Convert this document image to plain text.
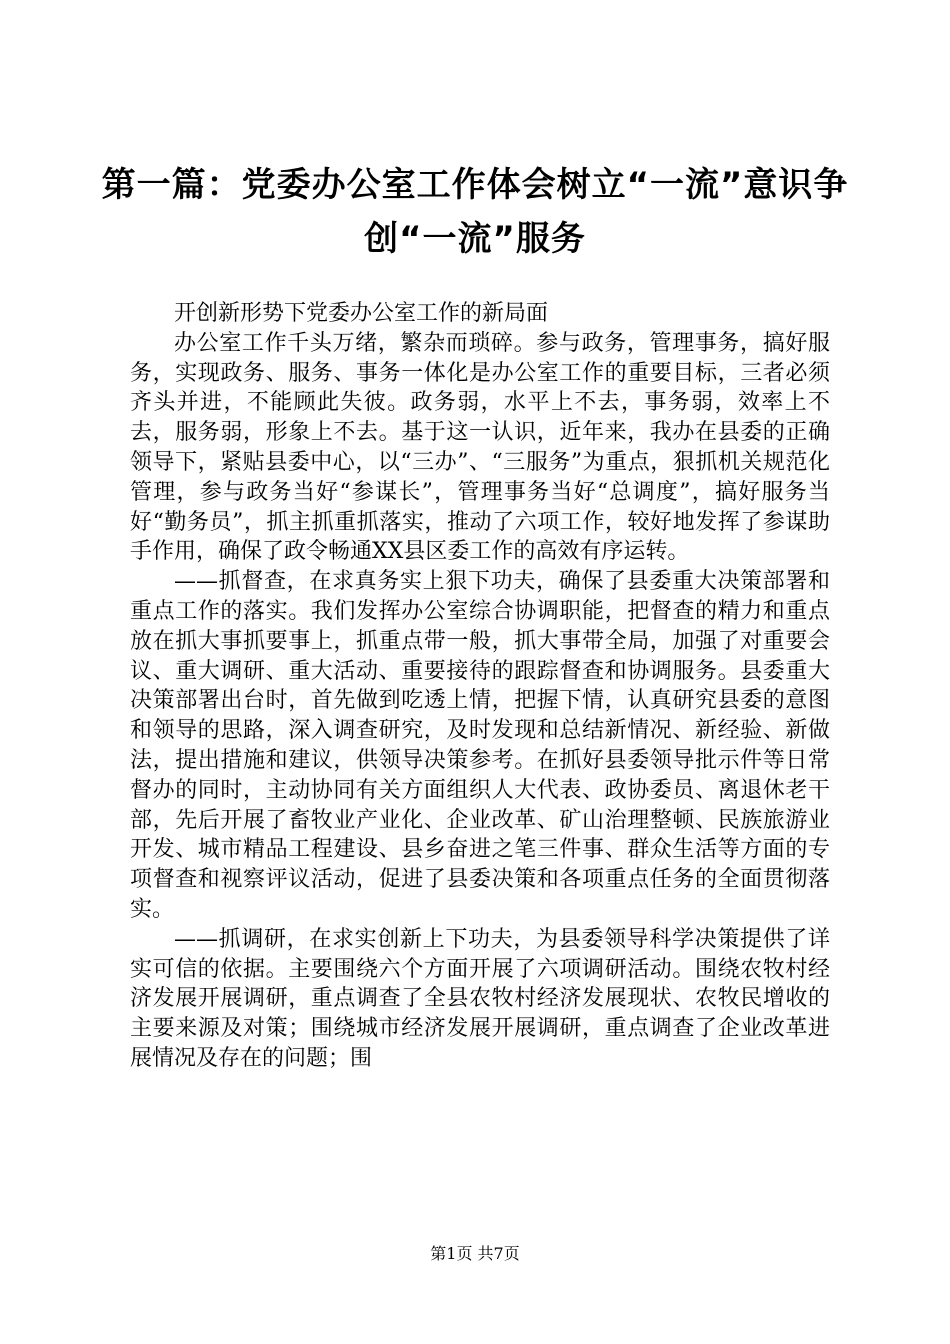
第一篇：党委办公室工作体会树立“一流”意识争创“一流”服务

开创新形势下党委办公室工作的新局面

办公室工作千头万绪，繁杂而琐碎。参与政务，管理事务，搞好服务，实现政务、服务、事务一体化是办公室工作的重要目标，三者必须齐头并进，不能顾此失彼。政务弱，水平上不去，事务弱，效率上不去，服务弱，形象上不去。基于这一认识，近年来，我办在县委的正确领导下，紧贴县委中心，以“三办”、“三服务”为重点，狠抓机关规范化管理，参与政务当好“参谋长”，管理事务当好“总调度”，搞好服务当好“勤务员”，抓主抓重抓落实，推动了六项工作，较好地发挥了参谋助手作用，确保了政令畅通XX县区委工作的高效有序运转。

——抓督查，在求真务实上狠下功夫，确保了县委重大决策部署和重点工作的落实。我们发挥办公室综合协调职能，把督查的精力和重点放在抓大事抓要事上，抓重点带一般，抓大事带全局，加强了对重要会议、重大调研、重大活动、重要接待的跟踪督查和协调服务。县委重大决策部署出台时，首先做到吃透上情，把握下情，认真研究县委的意图和领导的思路，深入调查研究，及时发现和总结新情况、新经验、新做法，提出措施和建议，供领导决策参考。在抓好县委领导批示件等日常督办的同时，主动协同有关方面组织人大代表、政协委员、离退休老干部，先后开展了畜牧业产业化、企业改革、矿山治理整顿、民族旅游业开发、城市精品工程建设、县乡奋进之笔三件事、群众生活等方面的专项督查和视察评议活动，促进了县委决策和各项重点任务的全面贯彻落实。

——抓调研，在求实创新上下功夫，为县委领导科学决策提供了详实可信的依据。主要围绕六个方面开展了六项调研活动。围绕农牧村经济发展开展调研，重点调查了全县农牧村经济发展现状、农牧民增收的主要来源及对策；围绕城市经济发展开展调研，重点调查了企业改革进展情况及存在的问题；围

第1页 共7页
